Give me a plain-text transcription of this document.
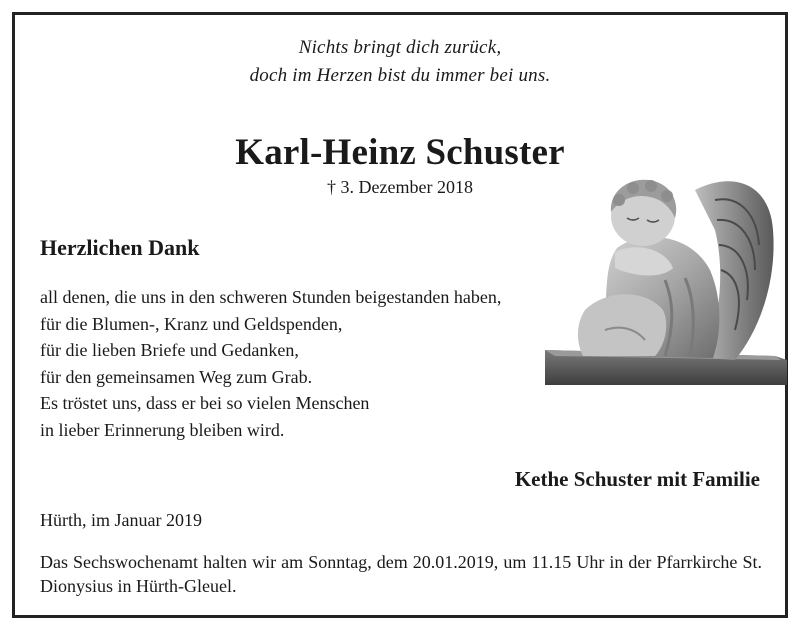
Nichts bringt dich zurück,
doch im Herzen bist du immer bei uns.
Karl-Heinz Schuster
† 3. Dezember 2018
Herzlichen Dank
all denen, die uns in den schweren Stunden beigestanden haben,
für die Blumen-, Kranz und Geldspenden,
für die lieben Briefe und Gedanken,
für den gemeinsamen Weg zum Grab.
Es tröstet uns, dass er bei so vielen Menschen
in lieber Erinnerung bleiben wird.
Kethe Schuster mit Familie
Hürth, im Januar 2019
Das Sechswochenamt halten wir am Sonntag, dem 20.01.2019, um 11.15 Uhr in der Pfarrkirche St. Dionysius in Hürth-Gleuel.
